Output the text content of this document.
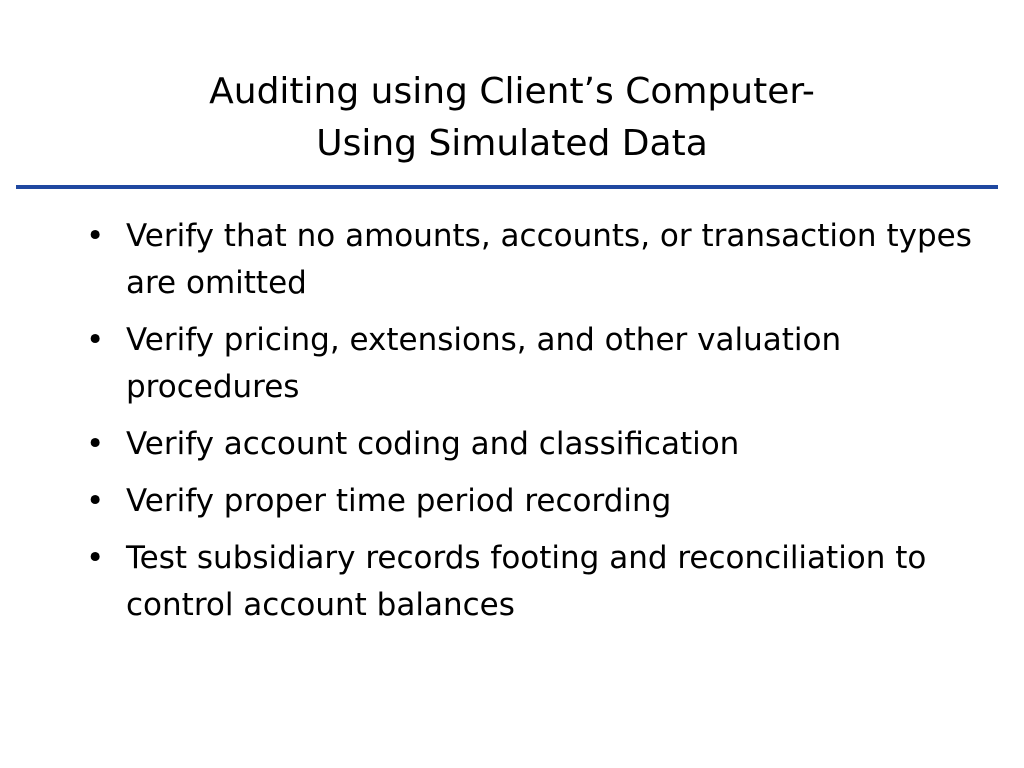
Auditing using Client’s Computer-
Using Simulated Data
• Verify that no amounts, accounts, or transaction types are omitted
• Verify pricing, extensions, and other valuation procedures
• Verify account coding and classification
• Verify proper time period recording
• Test subsidiary records footing and reconciliation to control account balances
